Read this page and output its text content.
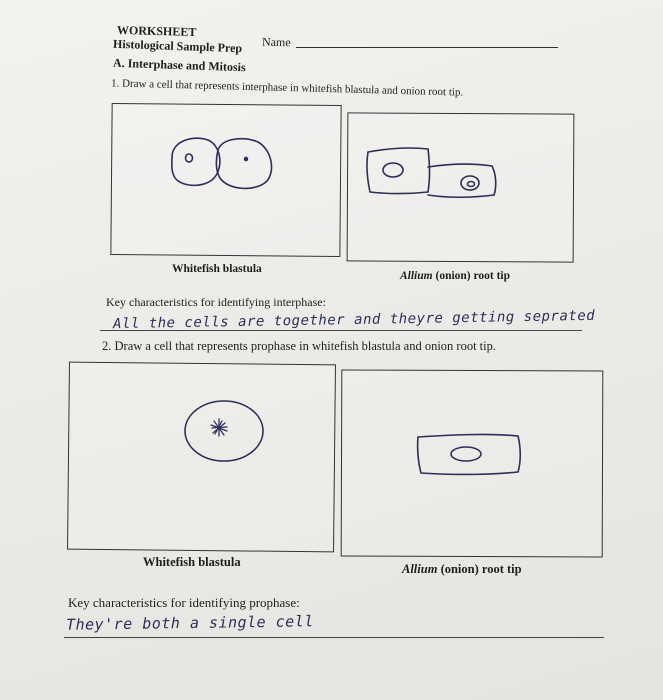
WORKSHEET
Name
Histological Sample Prep
A. Interphase and Mitosis
1. Draw a cell that represents interphase in whitefish blastula and onion root tip.
Whitefish blastula
Allium (onion) root tip
Key characteristics for identifying interphase:
All the cells are together and theyre getting seprated
2. Draw a cell that represents prophase in whitefish blastula and onion root tip.
Whitefish blastula	Allium (onion) root tip
Key characteristics for identifying prophase:
They're both a single cell
